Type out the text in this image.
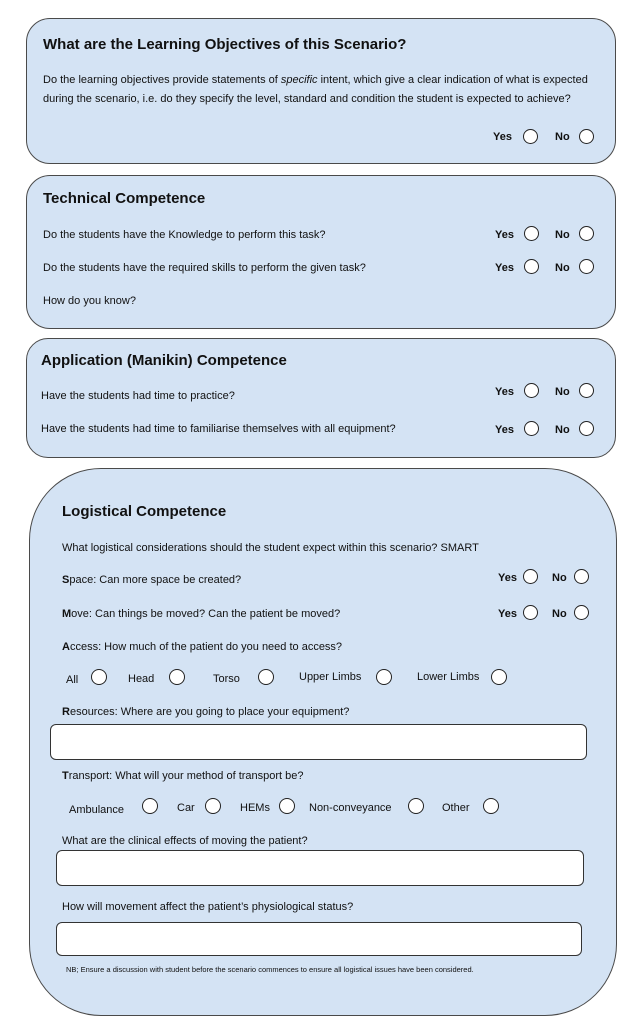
What are the Learning Objectives of this Scenario?
Do the learning objectives provide statements of specific intent, which give a clear indication of what is expected during the scenario, i.e. do they specify the level, standard and condition the student is expected to achieve?
Yes	No
Technical Competence
Do the students have the Knowledge to perform this task?	Yes	No
Do the students have the required skills to perform the given task?	Yes	No
How do you know?
Application (Manikin) Competence
Have the students had time to practice?	Yes	No
Have the students had time to familiarise themselves with all equipment?	Yes	No
Logistical Competence
What logistical considerations should the student expect within this scenario? SMART
Space: Can more space be created?	Yes	No
Move: Can things be moved? Can the patient be moved?	Yes	No
Access: How much of the patient do you need to access?
All	Head	Torso	Upper Limbs	Lower Limbs
Resources: Where are you going to place your equipment?
Transport: What will your method of transport be?
Ambulance	Car	HEMs	Non-conveyance	Other
What are the clinical effects of moving the patient?
How will movement affect the patient’s physiological status?
NB; Ensure a discussion with student before the scenario commences to ensure all logistical issues have been considered.
